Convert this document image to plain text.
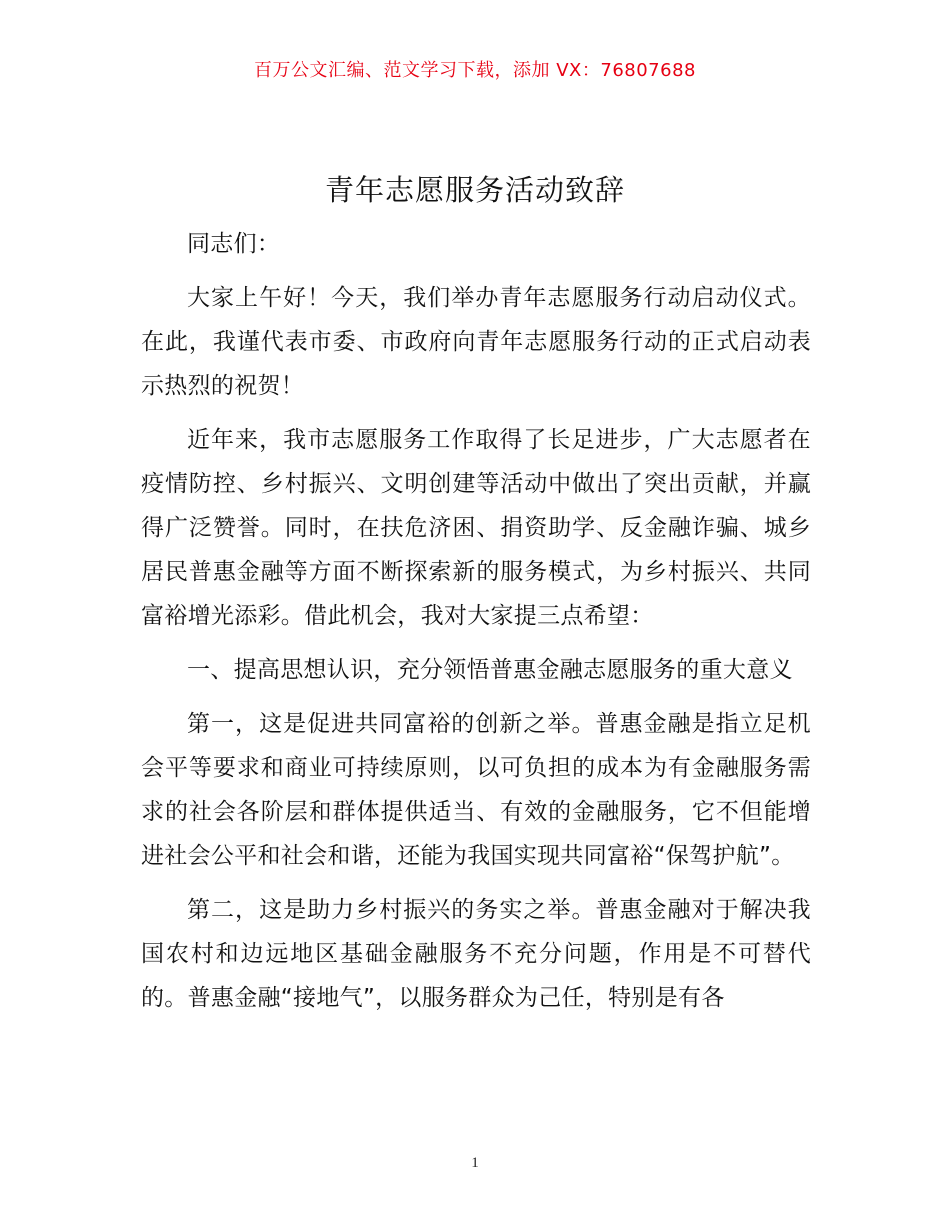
百万公文汇编、范文学习下载，添加 VX：76807688
青年志愿服务活动致辞

同志们：

大家上午好！今天，我们举办青年志愿服务行动启动仪式。在此，我谨代表市委、市政府向青年志愿服务行动的正式启动表示热烈的祝贺！

近年来，我市志愿服务工作取得了长足进步，广大志愿者在疫情防控、乡村振兴、文明创建等活动中做出了突出贡献，并赢得广泛赞誉。同时，在扶危济困、捐资助学、反金融诈骗、城乡居民普惠金融等方面不断探索新的服务模式，为乡村振兴、共同富裕增光添彩。借此机会，我对大家提三点希望：

一、提高思想认识，充分领悟普惠金融志愿服务的重大意义

第一，这是促进共同富裕的创新之举。普惠金融是指立足机会平等要求和商业可持续原则，以可负担的成本为有金融服务需求的社会各阶层和群体提供适当、有效的金融服务，它不但能增进社会公平和社会和谐，还能为我国实现共同富裕“保驾护航”。

第二，这是助力乡村振兴的务实之举。普惠金融对于解决我国农村和边远地区基础金融服务不充分问题，作用是不可替代的。普惠金融“接地气”，以服务群众为己任，特别是有各

1
